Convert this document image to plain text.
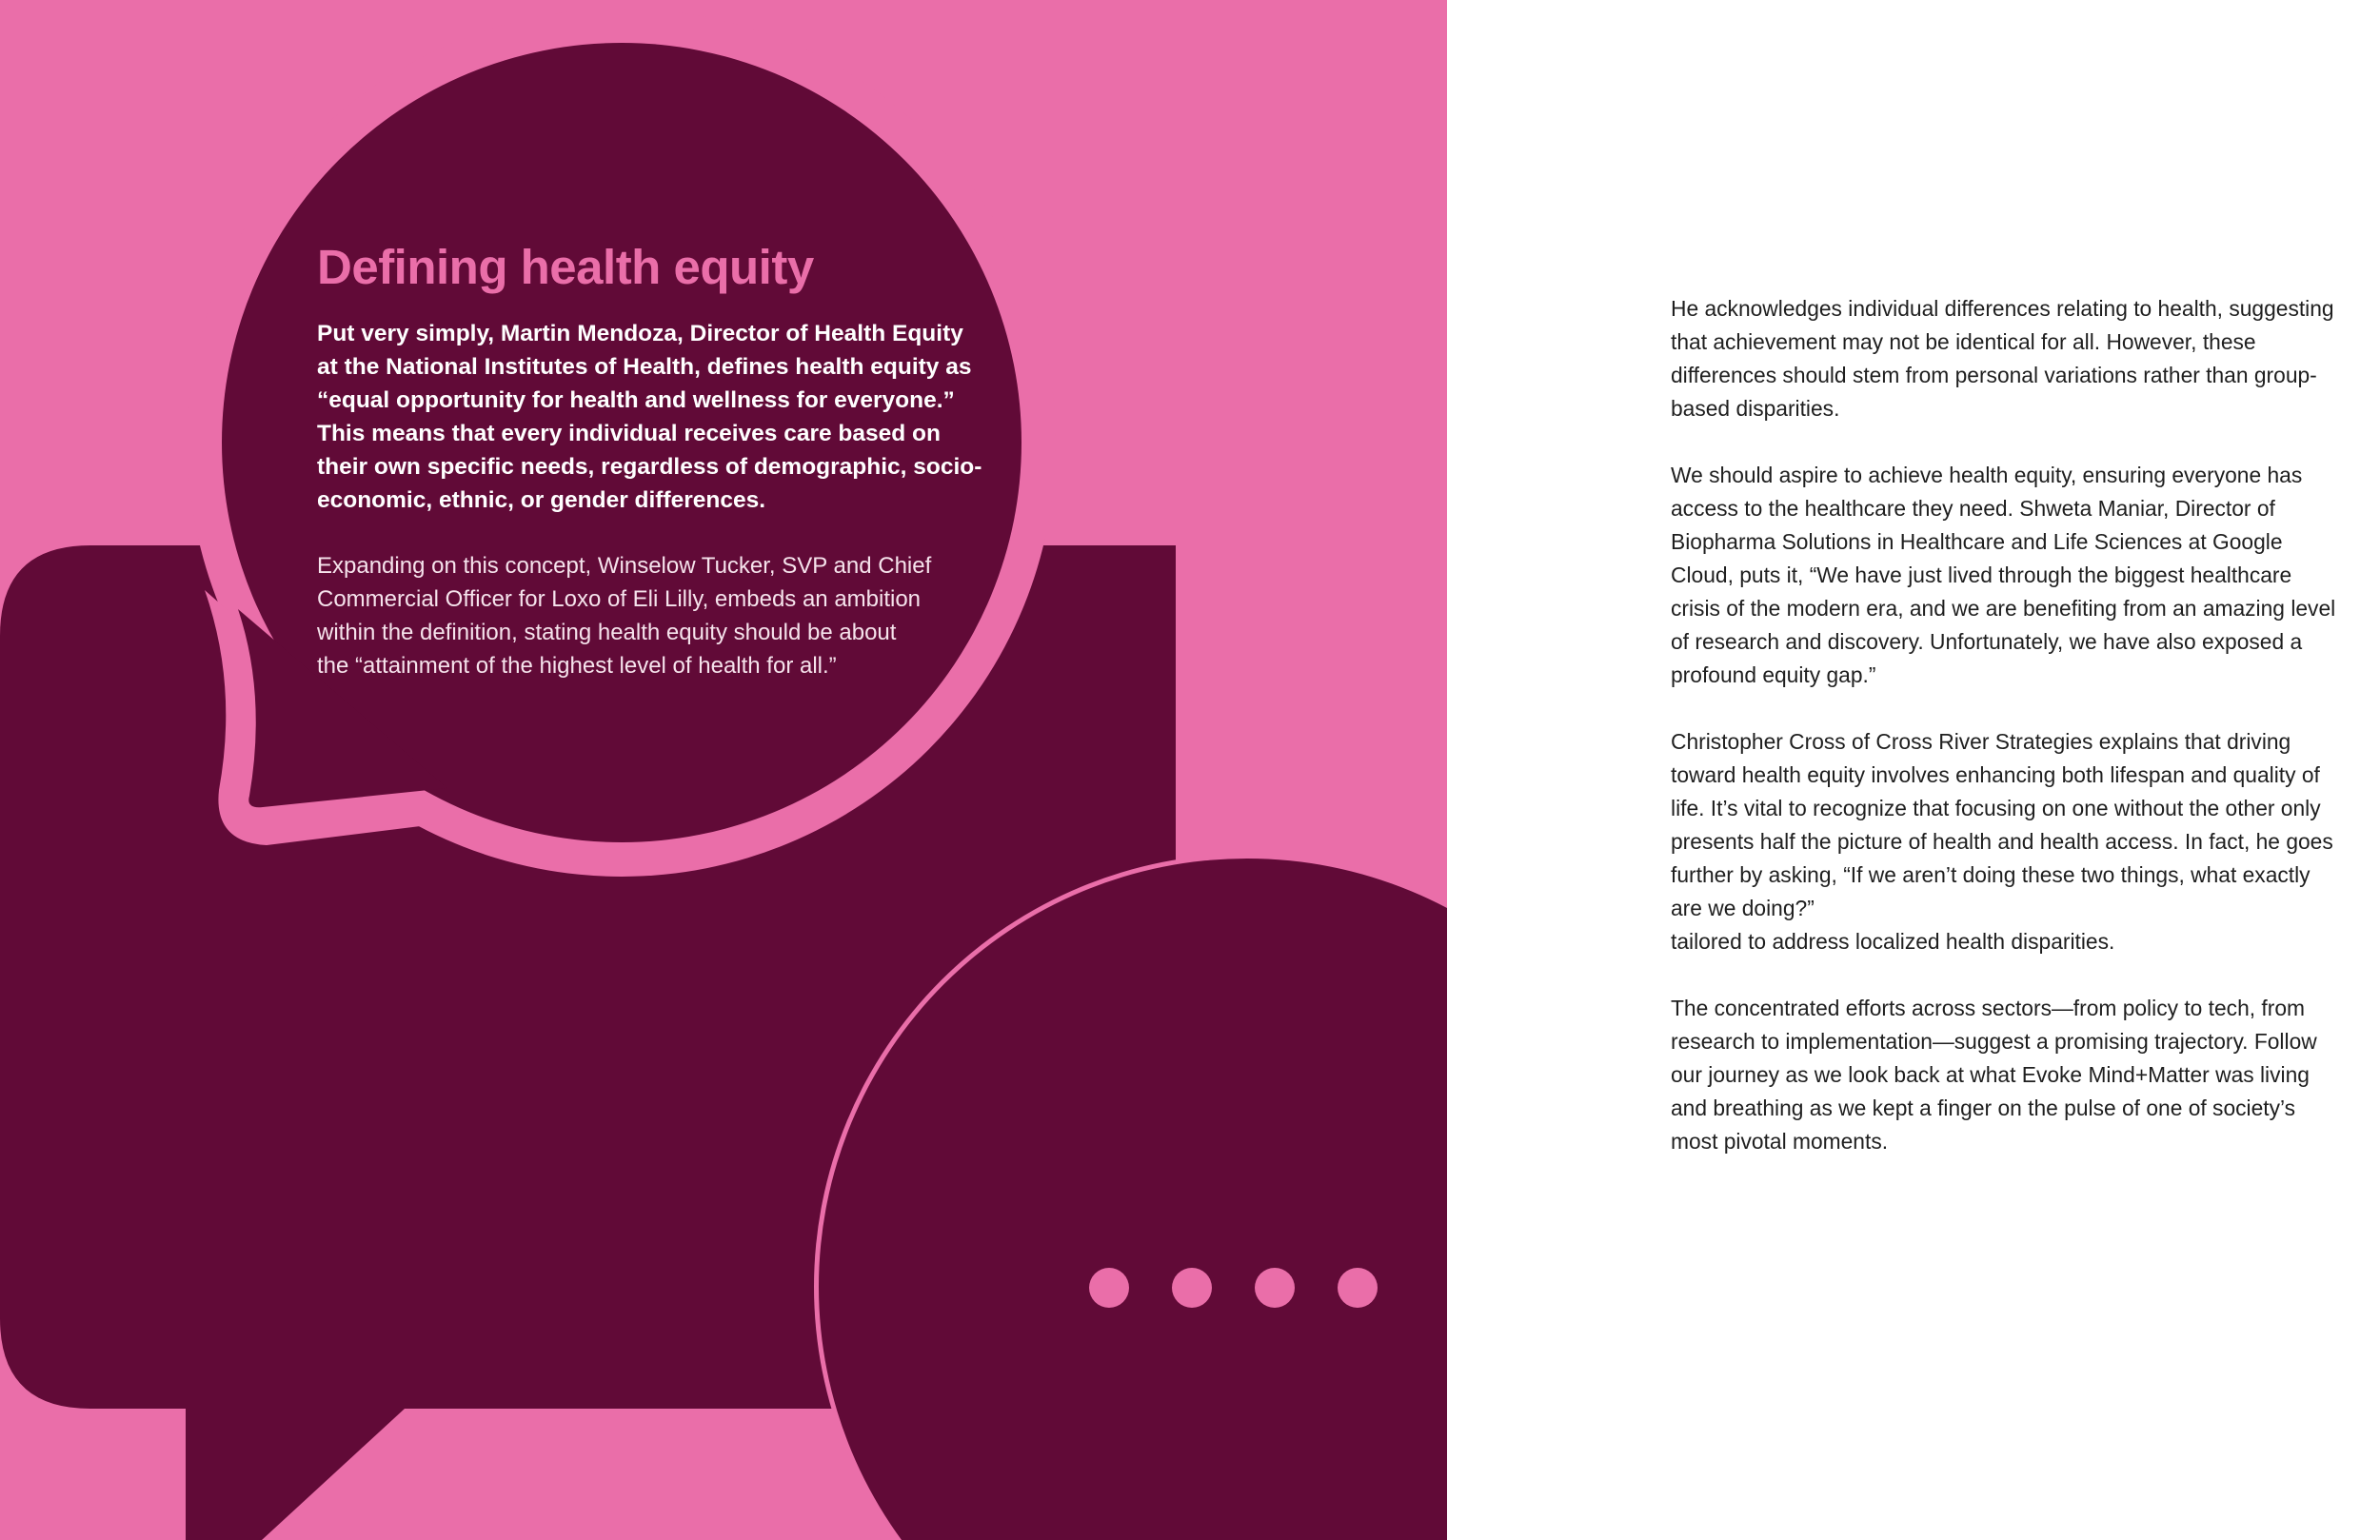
Defining health equity

Put very simply, Martin Mendoza, Director of Health Equity at the National Institutes of Health, defines health equity as “equal opportunity for health and wellness for everyone.” This means that every individual receives care based on their own specific needs, regardless of demographic, socio-economic, ethnic, or gender differences.

Expanding on this concept, Winselow Tucker, SVP and Chief
Commercial Officer for Loxo of Eli Lilly, embeds an ambition
within the definition, stating health equity should be about
the “attainment of the highest level of health for all.”

He acknowledges individual differences relating to health, suggesting that achievement may not be identical for all. However, these differences should stem from personal variations rather than group-based disparities.

We should aspire to achieve health equity, ensuring everyone has access to the healthcare they need. Shweta Maniar, Director of Biopharma Solutions in Healthcare and Life Sciences at Google Cloud, puts it, “We have just lived through the biggest healthcare crisis of the modern era, and we are benefiting from an amazing level of research and discovery. Unfortunately, we have also exposed a profound equity gap.”

Christopher Cross of Cross River Strategies explains that driving toward health equity involves enhancing both lifespan and quality of life. It’s vital to recognize that focusing on one without the other only presents half the picture of health and health access. In fact, he goes further by asking, “If we aren’t doing these two things, what exactly are we doing?”
tailored to address localized health disparities.

The concentrated efforts across sectors—from policy to tech, from research to implementation—suggest a promising trajectory. Follow our journey as we look back at what Evoke Mind+Matter was living and breathing as we kept a finger on the pulse of one of society’s most pivotal moments.
